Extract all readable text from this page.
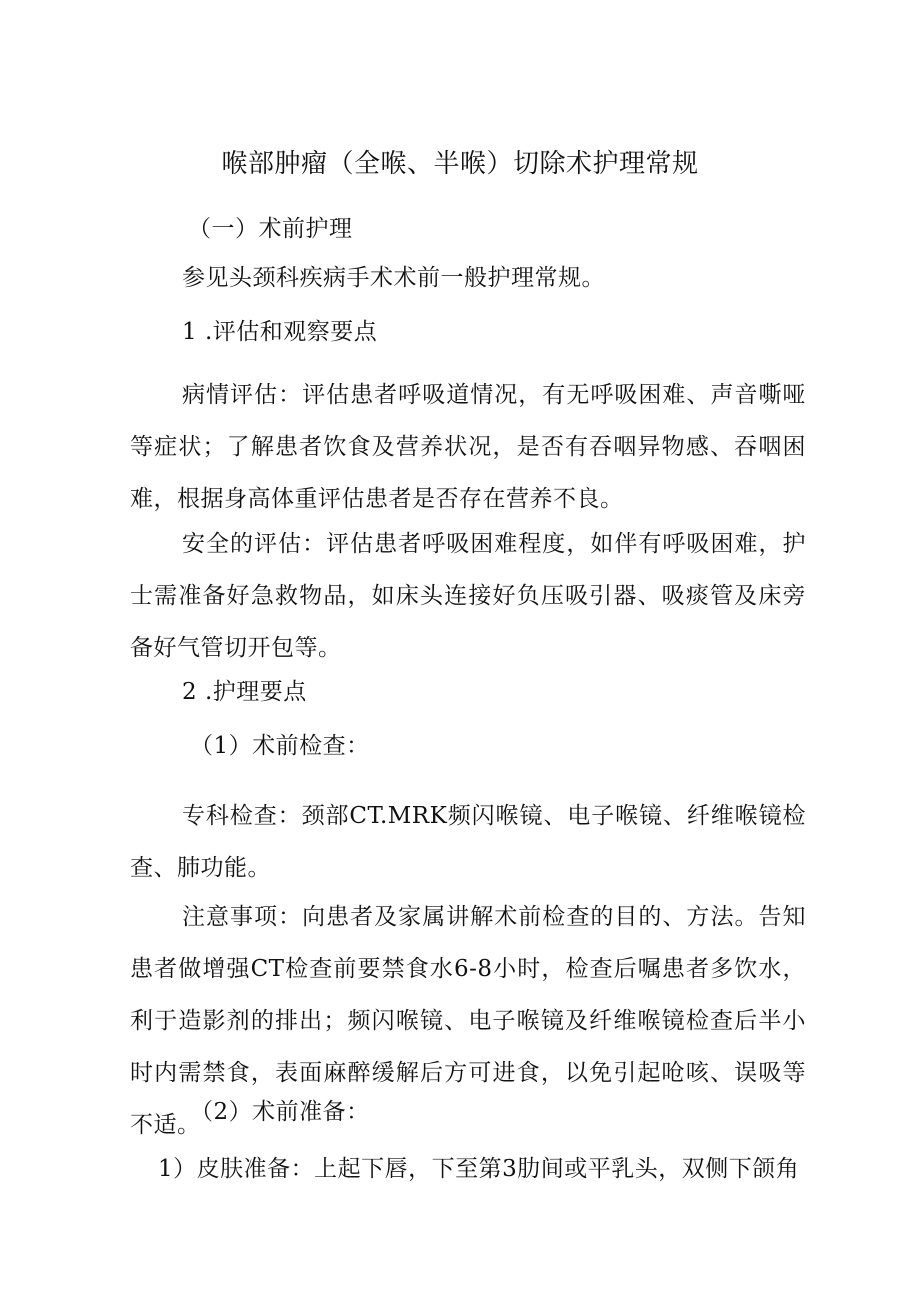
喉部肿瘤（全喉、半喉）切除术护理常规
（一）术前护理
参见头颈科疾病手术术前一般护理常规。
1 .评估和观察要点

病情评估：评估患者呼吸道情况，有无呼吸困难、声音嘶哑等症状；了解患者饮食及营养状况，是否有吞咽异物感、吞咽困难，根据身高体重评估患者是否存在营养不良。

安全的评估：评估患者呼吸困难程度，如伴有呼吸困难，护士需准备好急救物品，如床头连接好负压吸引器、吸痰管及床旁备好气管切开包等。

2 .护理要点
（1）术前检查：

专科检查：颈部CT.MRK频闪喉镜、电子喉镜、纤维喉镜检查、肺功能。

注意事项：向患者及家属讲解术前检查的目的、方法。告知患者做增强CT检查前要禁食水6-8小时，检查后嘱患者多饮水，利于造影剂的排出；频闪喉镜、电子喉镜及纤维喉镜检查后半小时内需禁食，表面麻醉缓解后方可进食，以免引起呛咳、误吸等不适。

（2）术前准备：
1）皮肤准备：上起下唇，下至第3肋间或平乳头，双侧下颌角
